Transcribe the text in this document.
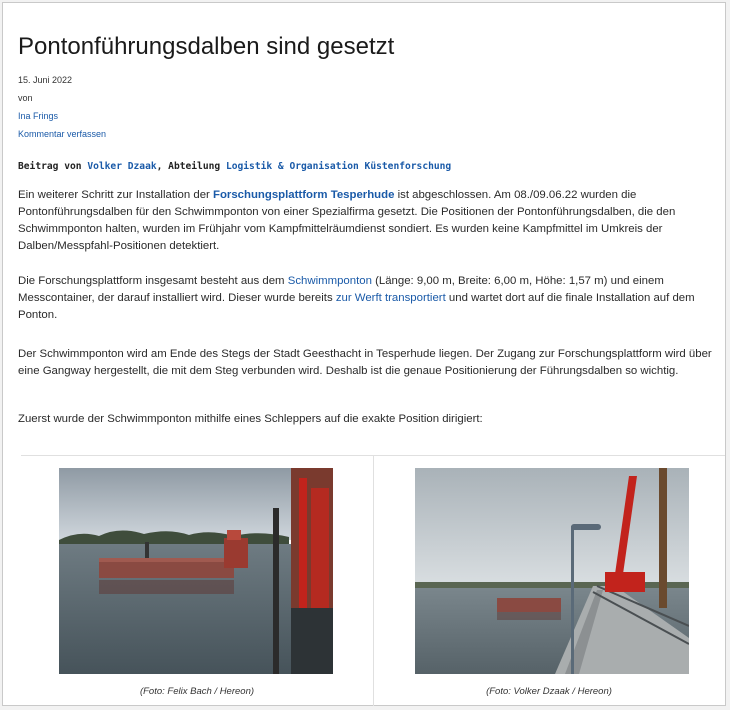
Pontonführungsdalben sind gesetzt
15. Juni 2022
von
Ina Frings
Kommentar verfassen
Beitrag von Volker Dzaak, Abteilung Logistik & Organisation Küstenforschung

Ein weiterer Schritt zur Installation der Forschungsplattform Tesperhude ist abgeschlossen. Am 08./09.06.22 wurden die Pontonführungsdalben für den Schwimmponton von einer Spezialfirma gesetzt. Die Positionen der Pontonführungsdalben, die den Schwimmponton halten, wurden im Frühjahr vom Kampfmittelräumdienst sondiert. Es wurden keine Kampfmittel im Umkreis der Dalben/Messpfahl-Positionen detektiert.

Die Forschungsplattform insgesamt besteht aus dem Schwimmponton (Länge: 9,00 m, Breite: 6,00 m, Höhe: 1,57 m) und einem Messcontainer, der darauf installiert wird. Dieser wurde bereits zur Werft transportiert und wartet dort auf die finale Installation auf dem Ponton.

Der Schwimmponton wird am Ende des Stegs der Stadt Geesthacht in Tesperhude liegen. Der Zugang zur Forschungsplattform wird über eine Gangway hergestellt, die mit dem Steg verbunden wird. Deshalb ist die genaue Positionierung der Führungsdalben so wichtig.

Zuerst wurde der Schwimmponton mithilfe eines Schleppers auf die exakte Position dirigiert:

(Foto: Felix Bach / Hereon)	(Foto: Volker Dzaak / Hereon)
